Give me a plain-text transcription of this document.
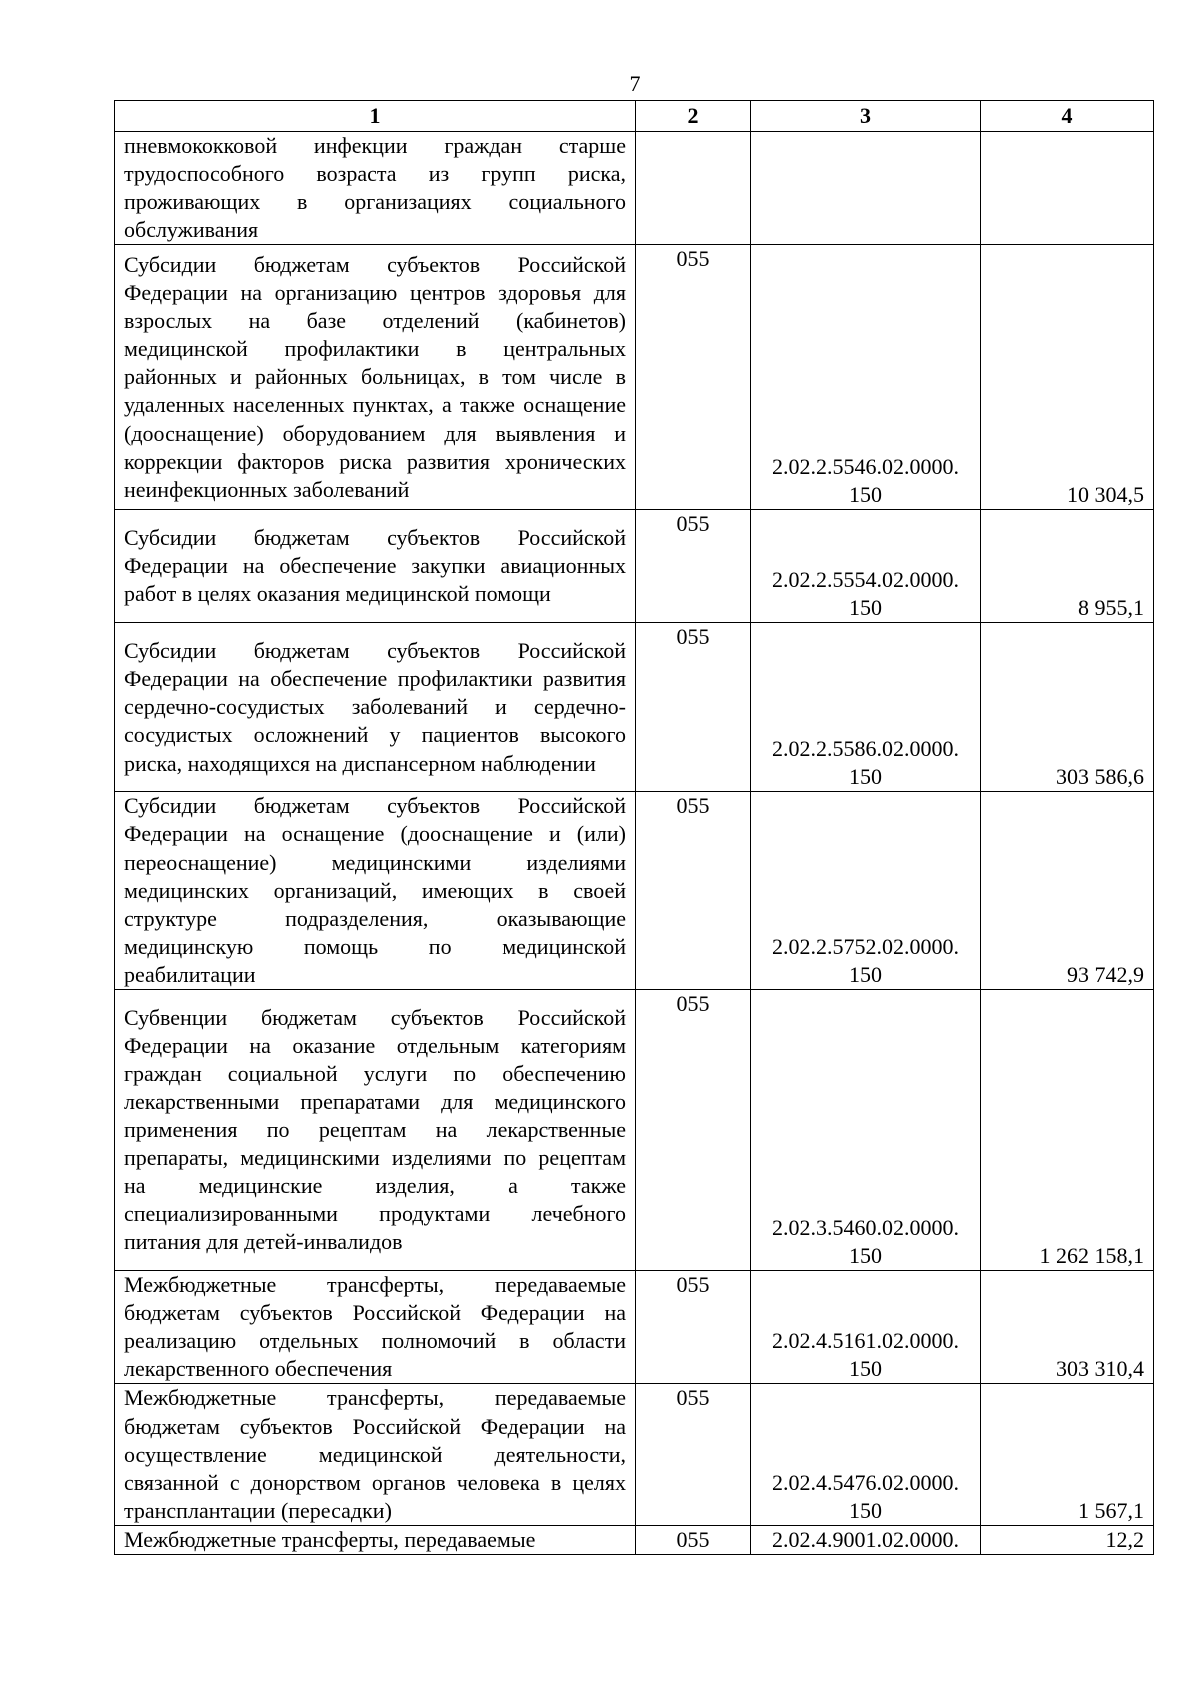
7
1	2	3	4
пневмококковой инфекции граждан старше трудоспособного возраста из групп риска, проживающих в организациях социального обслуживания			
Субсидии бюджетам субъектов Российской Федерации на организацию центров здоровья для взрослых на базе отделений (кабинетов) медицинской профилактики в центральных районных и районных больницах, в том числе в удаленных населенных пунктах, а также оснащение (дооснащение) оборудованием для выявления и коррекции факторов риска развития хронических неинфекционных заболеваний	055	2.02.2.5546.02.0000. 150	10 304,5
Субсидии бюджетам субъектов Российской Федерации на обеспечение закупки авиационных работ в целях оказания медицинской помощи	055	2.02.2.5554.02.0000. 150	8 955,1
Субсидии бюджетам субъектов Российской Федерации на обеспечение профилактики развития сердечно-сосудистых заболеваний и сердечно-сосудистых осложнений у пациентов высокого риска, находящихся на диспансерном наблюдении	055	2.02.2.5586.02.0000. 150	303 586,6
Субсидии бюджетам субъектов Российской Федерации на оснащение (дооснащение и (или) переоснащение) медицинскими изделиями медицинских организаций, имеющих в своей структуре подразделения, оказывающие медицинскую помощь по медицинской реабилитации	055	2.02.2.5752.02.0000. 150	93 742,9
Субвенции бюджетам субъектов Российской Федерации на оказание отдельным категориям граждан социальной услуги по обеспечению лекарственными препаратами для медицинского применения по рецептам на лекарственные препараты, медицинскими изделиями по рецептам на медицинские изделия, а также специализированными продуктами лечебного питания для детей-инвалидов	055	2.02.3.5460.02.0000. 150	1 262 158,1
Межбюджетные трансферты, передаваемые бюджетам субъектов Российской Федерации на реализацию отдельных полномочий в области лекарственного обеспечения	055	2.02.4.5161.02.0000. 150	303 310,4
Межбюджетные трансферты, передаваемые бюджетам субъектов Российской Федерации на осуществление медицинской деятельности, связанной с донорством органов человека в целях трансплантации (пересадки)	055	2.02.4.5476.02.0000. 150	1 567,1
Межбюджетные трансферты, передаваемые	055	2.02.4.9001.02.0000.	12,2
